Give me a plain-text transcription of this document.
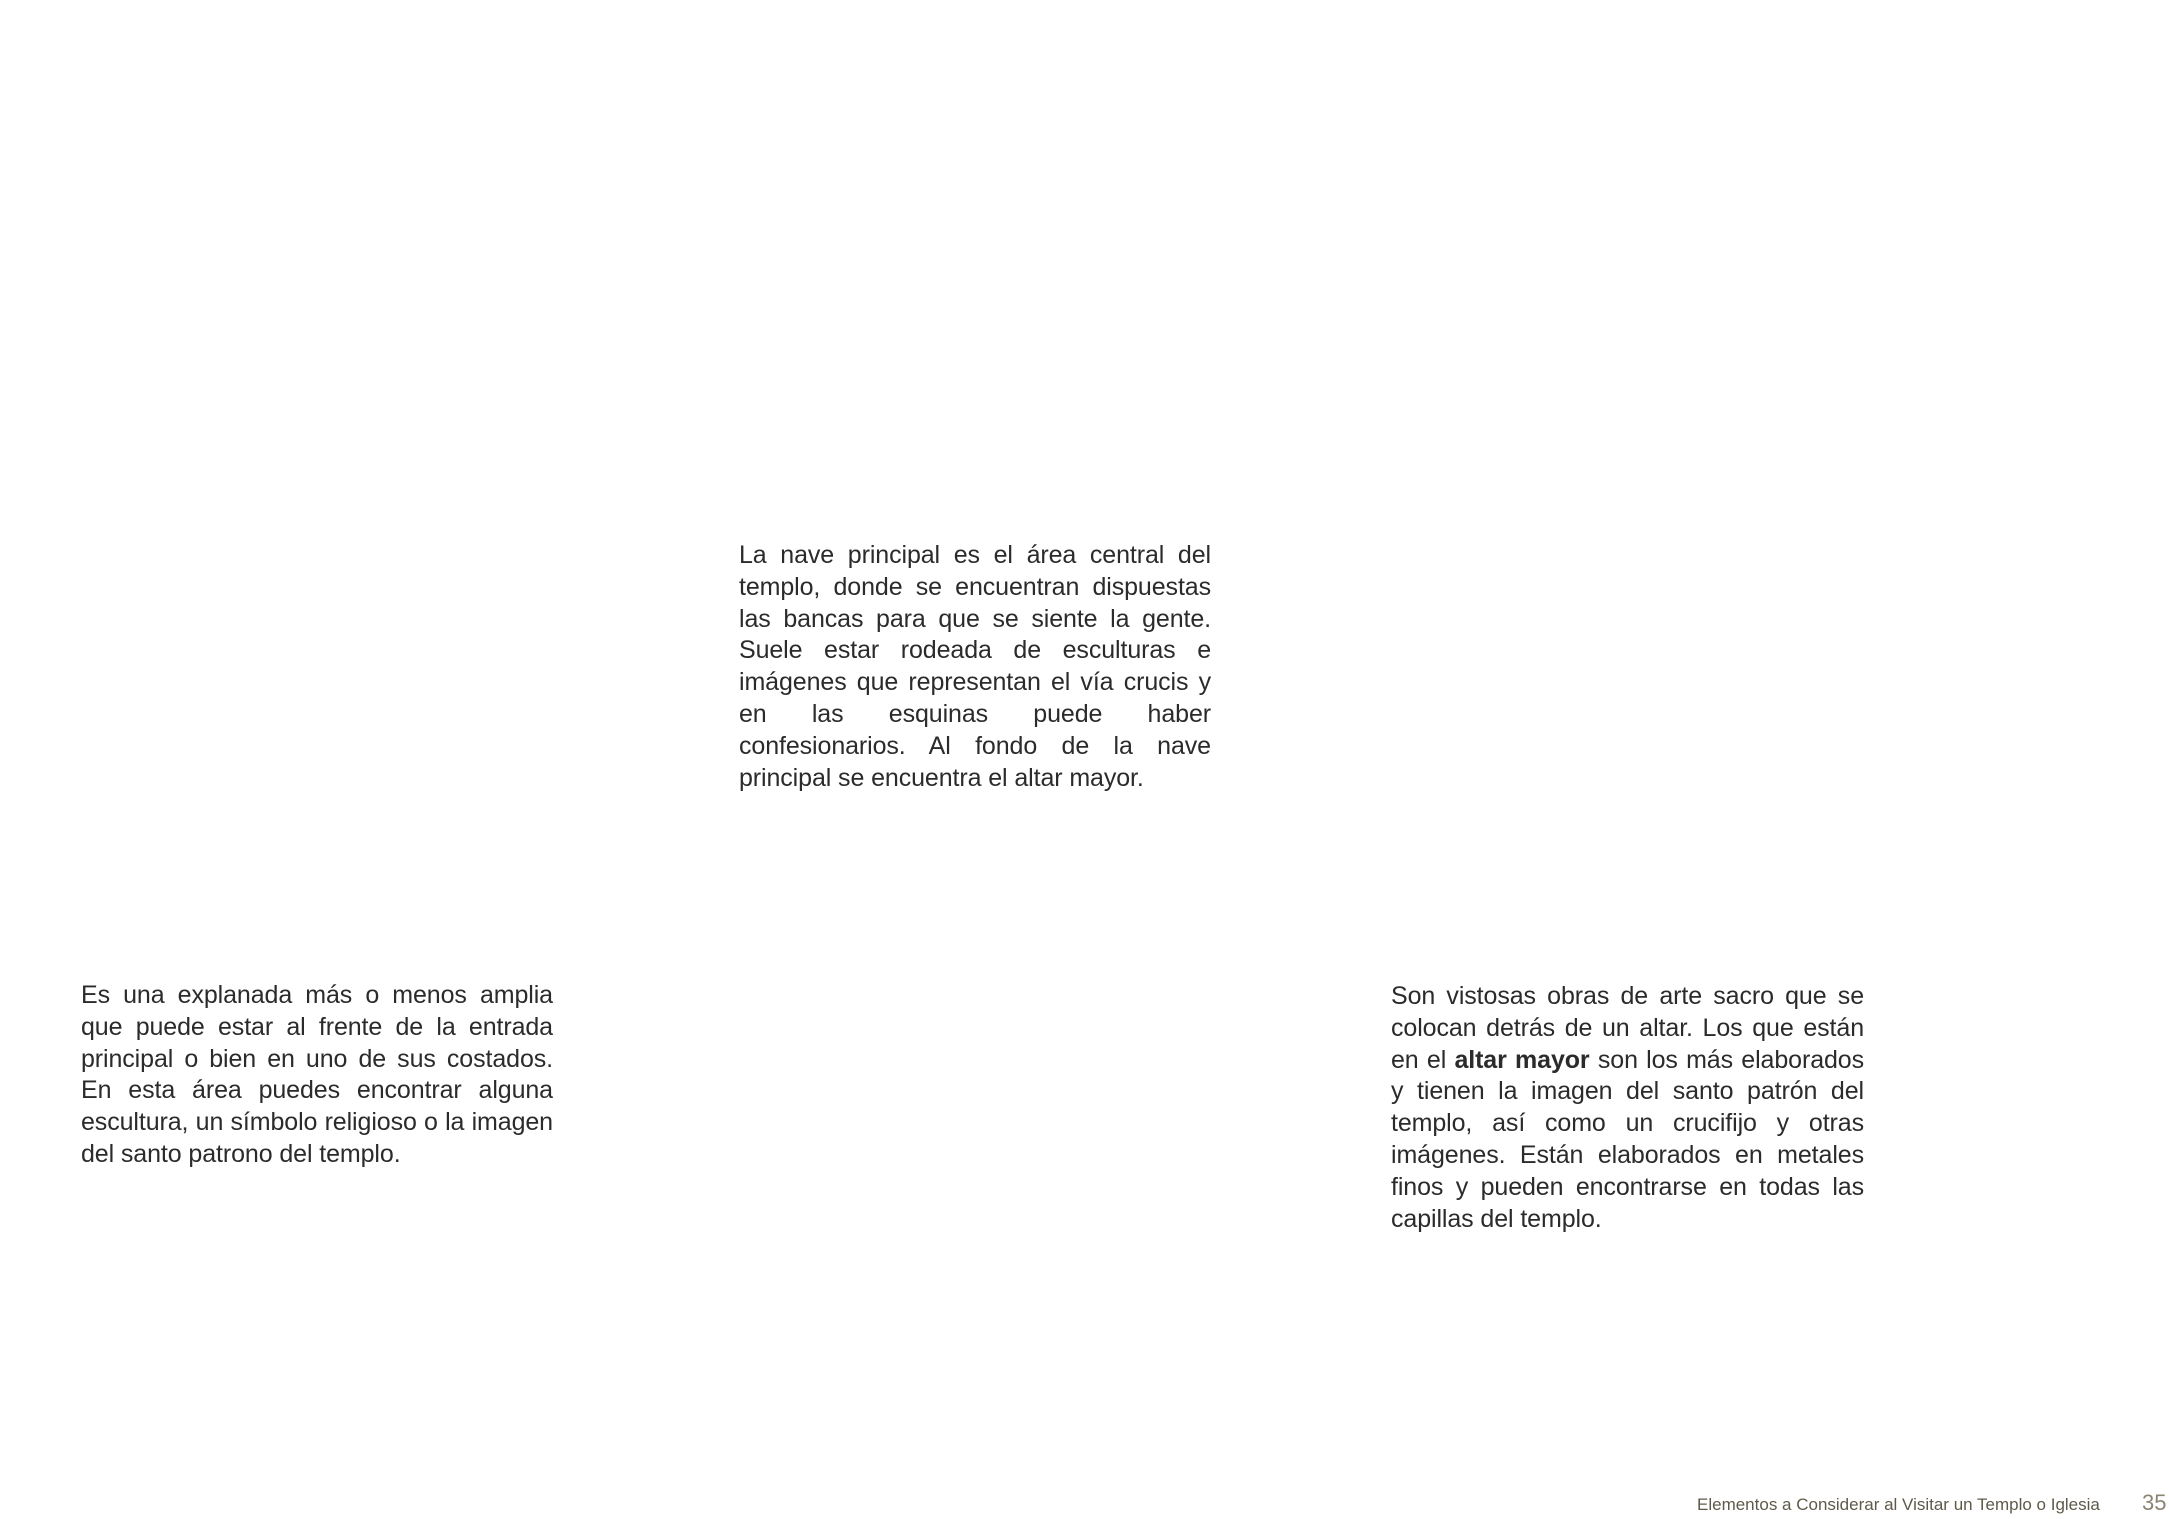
La nave principal es el área central del templo, donde se encuentran dispuestas las bancas para que se siente la gente. Suele estar rodeada de esculturas e imágenes que representan el vía crucis y en las esquinas puede haber confesionarios. Al fondo de la nave principal se encuentra el altar mayor.

Es una explanada más o menos amplia que puede estar al frente de la entrada principal o bien en uno de sus costados. En esta área puedes encontrar alguna escultura, un símbolo religioso o la imagen del santo patrono del templo.

Son vistosas obras de arte sacro que se colocan detrás de un altar. Los que están en el altar mayor son los más elaborados y tienen la imagen del santo patrón del templo, así como un crucifijo y otras imágenes. Están elaborados en metales finos y pueden encontrarse en todas las capillas del templo.

Elementos a Considerar al Visitar un Templo o Iglesia 35
